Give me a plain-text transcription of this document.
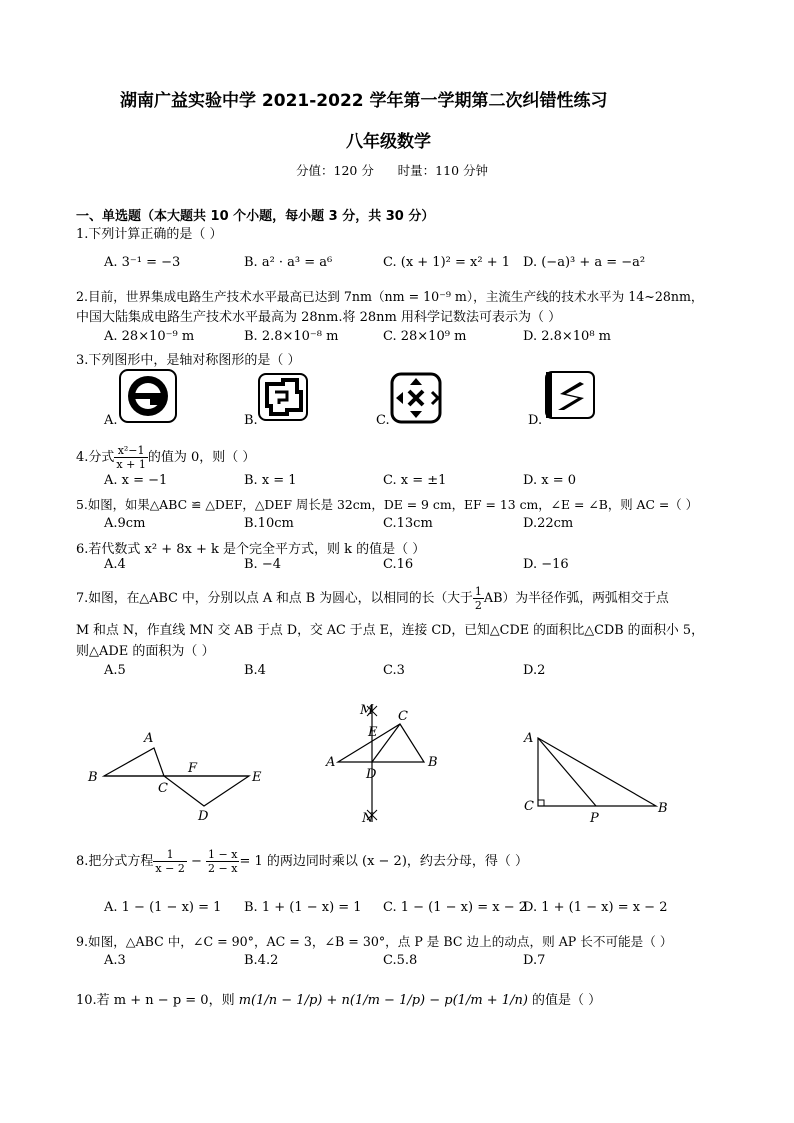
湖南广益实验中学 2021-2022 学年第一学期第二次纠错性练习
八年级数学
分值：120 分      时量：110 分钟
一、单选题（本大题共 10 个小题，每小题 3 分，共 30 分）
1.下列计算正确的是（ ）
A. 3⁻¹ = −3	B. a² · a³ = a⁶	C. (x + 1)² = x² + 1 D. (−a)³ + a = −a²
2.目前，世界集成电路生产技术水平最高已达到 7nm（nm = 10⁻⁹ m），主流生产线的技术水平为 14~28nm，
中国大陆集成电路生产技术水平最高为 28nm.将 28nm 用科学记数法可表示为（ ）
A. 28×10⁻⁹ m	B. 2.8×10⁻⁸ m	C. 28×10⁹ m	D. 2.8×10⁸ m
3.下列图形中，是轴对称图形的是（ ）
A.	B.	C.	D.
4.分式 $\frac{\text{x²−1}}{x + 1}$ 的值为 0，则（ ）
A. x = −1	B. x = 1	C. x = ±1	D. x = 0
5.如图，如果△ABC ≌ △DEF，△DEF 周长是 32cm，DE = 9 cm，EF = 13 cm，∠E = ∠B，则 AC =（ ）
A.9cm	B.10cm	C.13cm	D.22cm
6.若代数式 x² + 8x + k 是个完全平方式，则 k 的值是（ ）
A.4	B. −4	C.16	D. −16
7.如图，在△ABC 中，分别以点 A 和点 B 为圆心，以相同的长（大于 $\frac{1}{2} AB$）为半径作弧，两弧相交于点
M 和点 N，作直线 MN 交 AB 于点 D，交 AC 于点 E，连接 CD，已知△CDE 的面积比△CDB 的面积小 5，
则△ADE 的面积为（ ）
A.5	B.4	C.3	D.2
A
B
C
F
E
D
M C
E
A
D
B
N
A
C
P
B
8.把分式方程 $\frac{1}{x - 2} - \frac{1 - x}{2 - x} = 1$ 的两边同时乘以 (x − 2)，约去分母，得（ ）
A. 1 − (1 − x) = 1 B. 1 + (1 − x) = 1 C. 1 − (1 − x) = x − 2
D. 1 + (1 − x) = x − 2
9.如图，△ABC 中，∠C = 90°，AC = 3，∠B = 30°，点 P 是 BC 边上的动点，则 AP 长不可能是（ ）
A.3	B.4.2	C.5.8	D.7
10.若 m + n − p = 0，则 m(1/n − 1/p) + n(1/m − 1/p) − p(1/m + 1/n) 的值是（ ）
